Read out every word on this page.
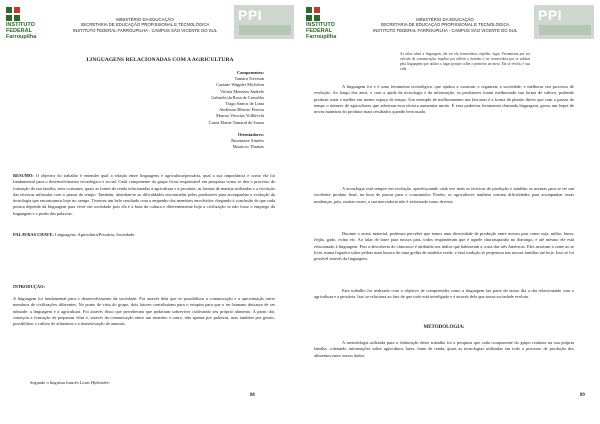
INSTITUTO FEDERAL Farroupilha
MINISTÉRIO DA EDUCAÇÃO
SECRETARIA DE EDUCAÇÃO PROFISSIONAL E TECNOLÓGICA
INSTITUTO FEDERAL FARROUPILHA - CAMPUS SÃO VICENTE DO SUL
PPI
LINGUAGENS RELACIONADAS COM A AGRICULTURA
Componentes:
Tamara Trevisan
Caziane Wappler Michelon
Vitória Menezes Andrele
Gabriela da Rosa de Carvalho
Tiago Santos de Lima
Anderson Ribeiro Pereira
Marcus Vinicius Vollbrecht
Caren Elaine Tamaral de Souza
Orientadores:
Rosemaire Simões
Mauricio Thomas
RESUMO: O objetivo do trabalho é entender qual a relação entre linguagens e agricultura/pecuária, qual a sua importância e como ela foi fundamental para o desenvolvimento tecnológico e social. Cada componente do grupo ficou responsável em pesquisar como se deu o processo de formação da sua família, seus costumes, quais as fontes de renda relacionadas à agricultura e à pecuária, as formas de manejo utilizadas e a evolução das técnicas utilizadas com o passar do tempo. Também, abordam-se as dificuldades encontradas pelos produtores para acompanhar a evolução da tecnologia que encontramos hoje no campo. Tivemos um belo resultado com o empenho dos membros envolvidos chegando à conclusão de que cada pessoa depende da linguagem para viver em sociedade pois ela é a base da cultura e diferentemente hoje a civilização se não fosse o emprego da linguagem e o poder das palavras.
PALAVRAS CHAVE: Linguagens, Agricultura/Pecuária, Sociedade.
INTRODUÇÃO:
A linguagem foi fundamental para o desenvolvimento da sociedade. Foi através dela que se possibilitou a comunicação e a aproximação entre membros de civilizações diferentes. No ponto de vista do grupo, dois fatores contribuíram para o estopim para que o ser humano deixasse de ser nômade: a linguagem e a agricultura. Foi através disso que perceberam que podariam sobreviver cultivando seu próprio alimento. A partir daí, começou a formação de pequenas vilas e, através da comunicação entre um membro e outro, não apenas por palavras, mas também por gestos, possibilitou o cultivo de alimentos e a domesticação de animais.
Segundo o linguista francês Louis Hjelmslev:
88
INSTITUTO FEDERAL Farroupilha
MINISTÉRIO DA EDUCAÇÃO
SECRETARIA DE EDUCAÇÃO PROFISSIONAL E TECNOLÓGICA
INSTITUTO FEDERAL FARROUPILHA - CAMPUS SÃO VICENTE DO SUL
PPI
As falas sobre a linguagem, diz ser ela fornecedora, espelho, lugar. Ferramenta por ser veículo de comunicação; espelho por refletir o homem e ser fornecedora por se utilizar pela linguagem que utiliza o lugar porque colhe o primeiro ao meio. Ela se revela, é sua vida.
A linguagem foi e é uma ferramenta tecnológica, que ajudou a construir e organizar a sociedade, e melhorar seu processo de evolução. Ao longo dos anos, e com a ajuda da tecnologia e da informação, os produtores foram melhorando sua forma de cultivo, podendo produzir mais e melhor em menor espaço de tempo. Um exemplo de melhoramento nas lavouras é a forma de plantio direto que com o passar do tempo o número de agricultores que aderiram essa técnica aumentou muito. É essa poderosa ferramenta chamada linguagem, gerou um leque de novas maneiras do produtor mais resultados quando bem usada.
A tecnologia está sempre em evolução, aperfeiçoando cada vez mais as técnicas de produção e também as normas para se ter um excelente produto final, na hora de passar para o consumidor. Porém, os agricultores também contam dificuldades para acompanhar essas mudanças, pois, muitas vezes, a sua mercadoria não é valorizada como deveria.
Durante o nosso material, podemos perceber que temos uma diversidade de produção entre nossos pais como soja, milho, fumo, feijão, gado, ovino etc. Ao falar de lazer para nossos pais, todos responderam que é aquele churrasquinho no domingo, e até mesmo ele está relacionado à linguagem. Pois a descoberta do churrasco é atribuída aos índios que habitavam a costa das três Américas. Eles assavam a carne ao ar livre, numa fogueira sobre pedras num buraco de uma grelha de madeira verde, e essa tradição se perpetuou nas nossas famílias até hoje. Isso só foi possível através da linguagem.
Este trabalho foi realizado com o objetivo de compreender como a linguagem faz parte do nosso dia a dia relacionando com a agricultura e a pecuária. Isso se relaciona ao fato de que todo está interligado e é através dela que nossa sociedade evoluiu.
METODOLOGIA:
A metodologia utilizada para a elaboração deste trabalho foi a pesquisa que cada componente do grupo realizou na sua própria família, coletando informações sobre agricultura, lazer, fonte de renda, quais as tecnologias utilizadas em todo o processo de produção dos alimentos entre outros dados.
89
